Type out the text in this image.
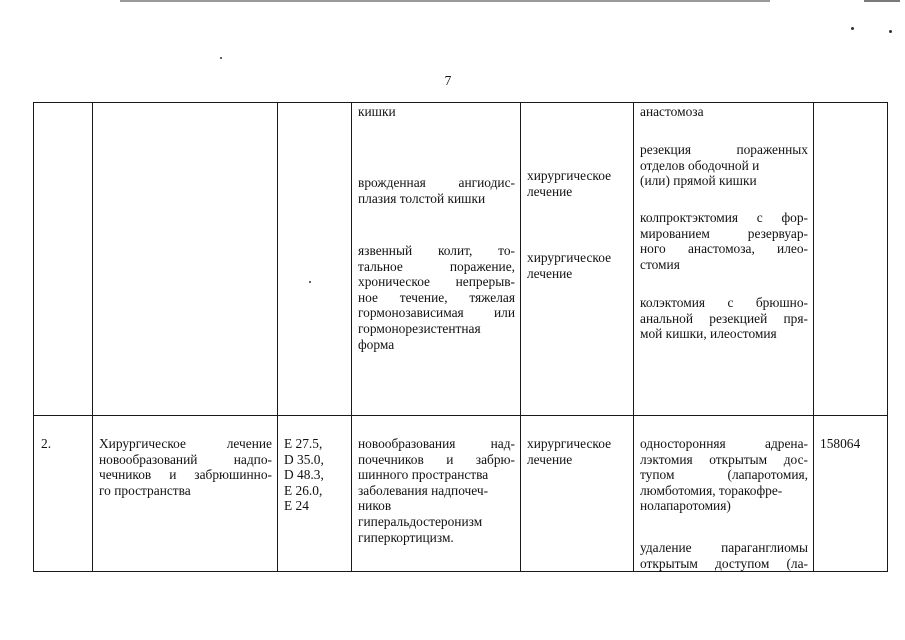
7

кишки

врожденная ангиодис-

плазия толстой кишки

язвенный колит, то-

тальное поражение,

хроническое непрерыв-

ное течение, тяжелая

гормонозависимая или

гормонорезистентная

форма

хирургическое

лечение

хирургическое

лечение

анастомоза

резекция пораженных

отделов ободочной и

(или) прямой кишки

колпроктэктомия с фор-

мированием резервуар-

ного анастомоза, илео-

стомия

колэктомия с брюшно-

анальной резекцией пря-

мой кишки, илеостомия

2.	Хирургическое лечение

новообразований надпо-

чечников и забрюшинно-

го пространства

Е 27.5,

D 35.0,

D 48.3,

Е 26.0,

Е 24

новообразования над-

почечников и забрю-

шинного пространства

заболевания надпочеч-

ников

гиперальдостеронизм

гиперкортицизм.

хирургическое

лечение

односторонняя адрена-

лэктомия открытым дос-

тупом (лапаротомия,

люмботомия, торакофре-

нолапаротомия)

удаление параганглиомы

открытым доступом (ла-

158064
